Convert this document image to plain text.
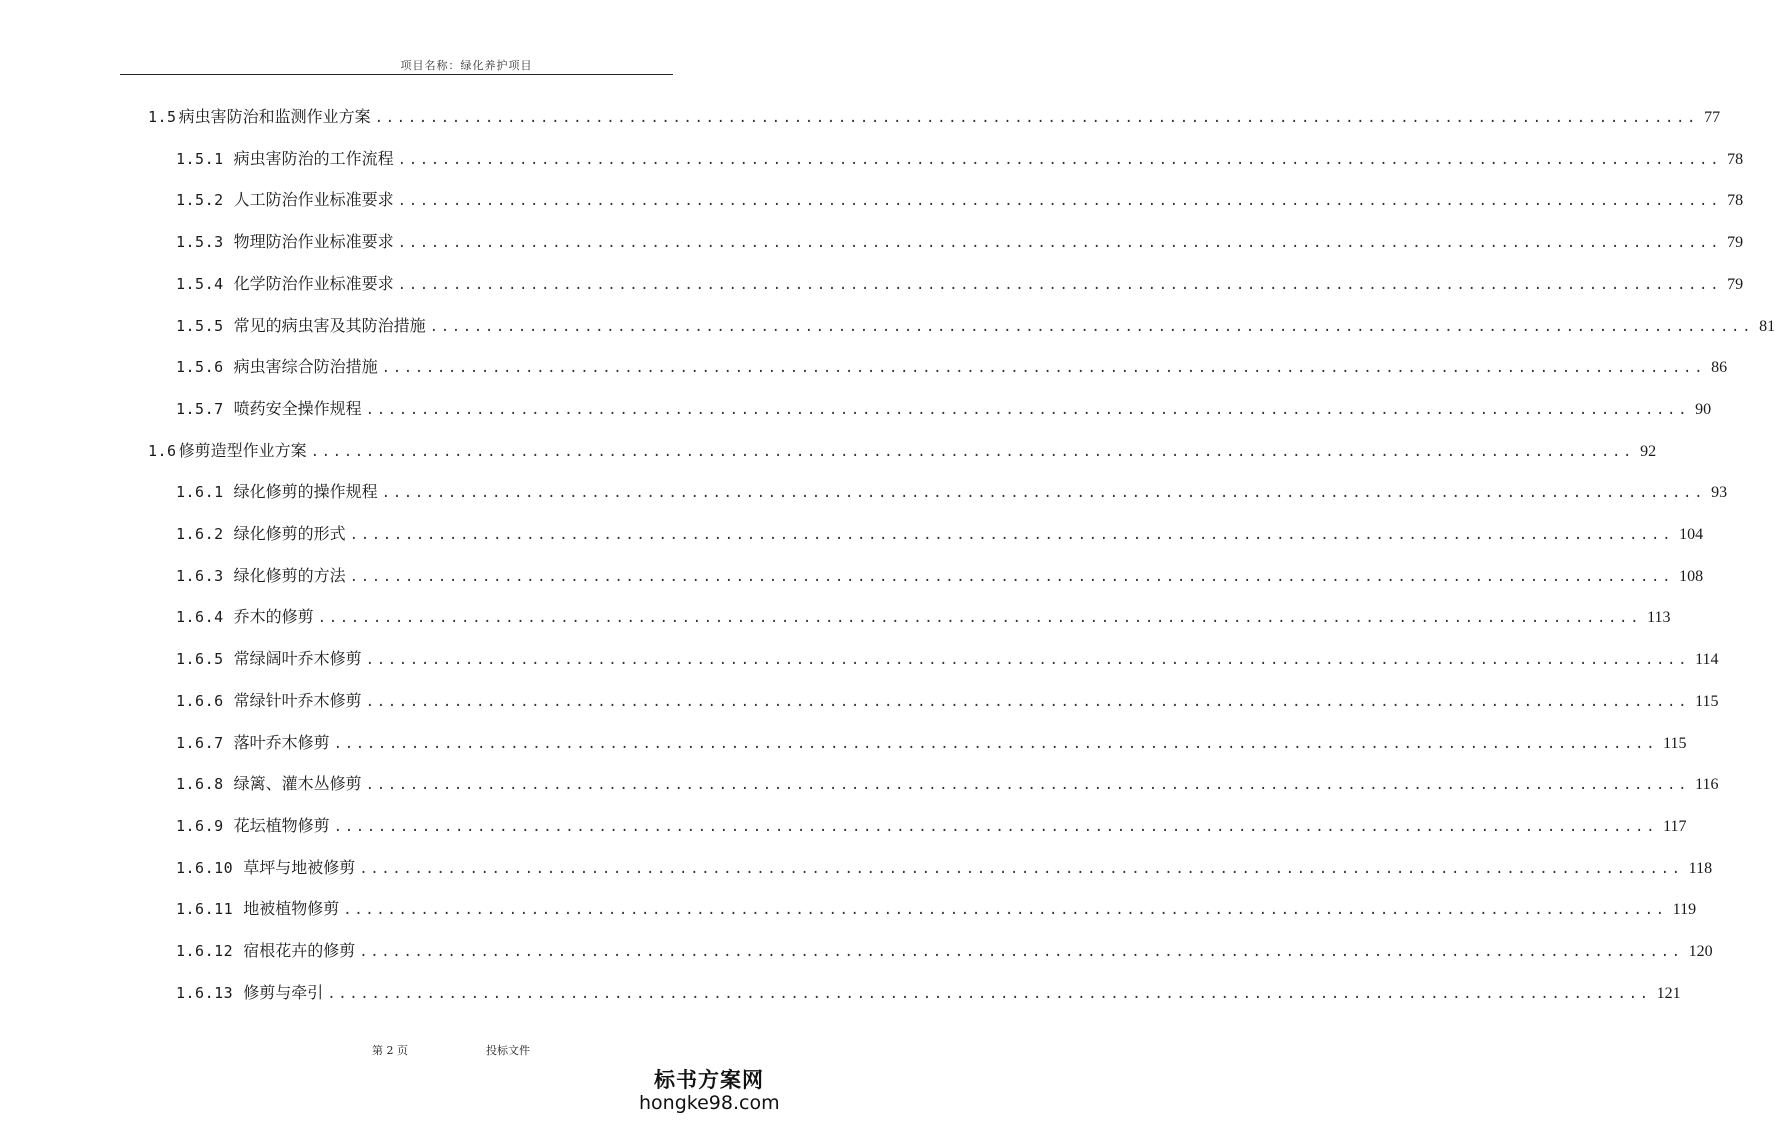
项目名称：绿化养护项目
1.5 病虫害防治和监测作业方案 ........................................................................................................................ 77
1.5.1 病虫害防治的工作流程 ........................................................................................................................ 78
1.5.2 人工防治作业标准要求 ........................................................................................................................ 78
1.5.3 物理防治作业标准要求 ........................................................................................................................ 79
1.5.4 化学防治作业标准要求 ........................................................................................................................ 79
1.5.5 常见的病虫害及其防治措施 ........................................................................................................................ 81
1.5.6 病虫害综合防治措施 ........................................................................................................................ 86
1.5.7 喷药安全操作规程 ........................................................................................................................ 90
1.6 修剪造型作业方案 ........................................................................................................................ 92
1.6.1 绿化修剪的操作规程 ........................................................................................................................ 93
1.6.2 绿化修剪的形式 ........................................................................................................................ 104
1.6.3 绿化修剪的方法 ........................................................................................................................ 108
1.6.4 乔木的修剪 ........................................................................................................................ 113
1.6.5 常绿阔叶乔木修剪 ........................................................................................................................ 114
1.6.6 常绿针叶乔木修剪 ........................................................................................................................ 115
1.6.7 落叶乔木修剪 ........................................................................................................................ 115
1.6.8 绿篱、灌木丛修剪 ........................................................................................................................ 116
1.6.9 花坛植物修剪 ........................................................................................................................ 117
1.6.10 草坪与地被修剪 ........................................................................................................................ 118
1.6.11 地被植物修剪 ........................................................................................................................ 119
1.6.12 宿根花卉的修剪 ........................................................................................................................ 120
1.6.13 修剪与牵引 ........................................................................................................................ 121
第 2 页	投标文件
标书方案网
hongke98.com
